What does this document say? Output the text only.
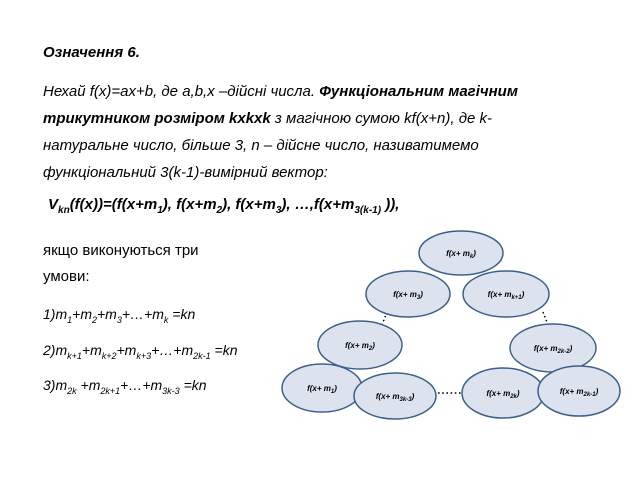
Означення 6.
Нехай f(x)=ax+b, де a,b,x –дійсні числа. Функціональним магічним
трикутником розміром kxkxk з магічною сумою kf(x+n), де k-
натуральне число, більше 3, n – дійсне число, називатимемо
функціональний 3(k-1)-вимірний вектор:
$V_{kn}(f(x))=(f(x+m_1)$, $f(x+m_2)$, $f(x+m_3)$, $\dots,f(x+m_{3(k-1)}$ )),
якщо виконуються три
умови:
$1)m_1+m_2+m_3+\dots+m_k =kn$
$2)m_{k+1}+m_{k+2}+m_{k+3}+\dots+m_{2k-1} =kn$
$3)m_{2k}$ $+m_{2k+1}+\dots+m_{3k-3} =kn$
$f(x+ m_k)$
$f(x+ m_3)$	$f(x+ m_{k+1})$
$f(x+ m_2)$	$f(x+ m_{2k-2})$
$f(x+ m_1)$
$f(x+ m_{3k-3})$	$f(x+ m_{2k})$	$f(x+ m_{2k-1})$
